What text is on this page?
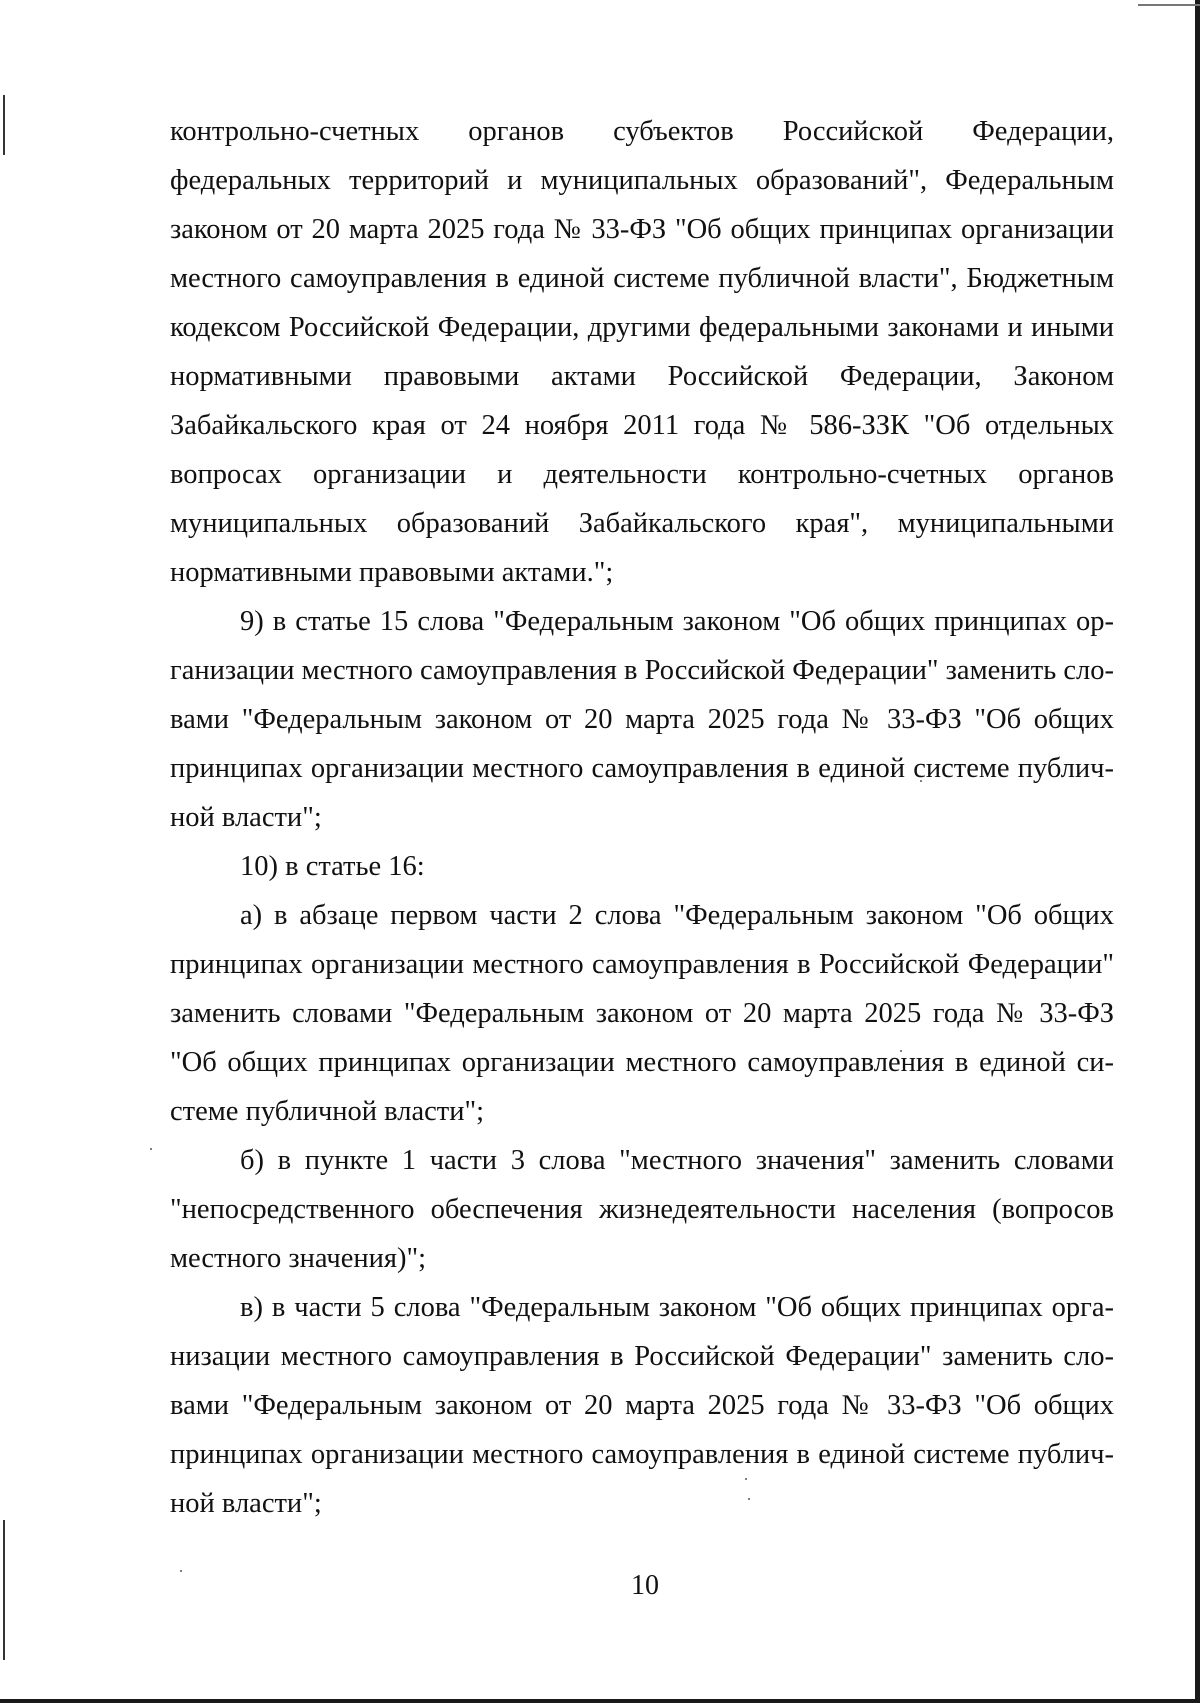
контрольно-счетных органов субъектов Российской Федерации, федеральных территорий и муниципальных образований", Федеральным законом от 20 марта 2025 года № 33-ФЗ "Об общих принципах организации местного самоуправления в единой системе публичной власти", Бюджетным кодексом Российской Федерации, другими федеральными законами и иными нормативными правовыми актами Российской Федерации, Законом Забайкальского края от 24 ноября 2011 года № 586-ЗЗК "Об отдельных вопросах организации и деятельности контрольно-счетных органов муниципальных образований Забайкальского края", муниципальными нормативными правовыми актами.";

9) в статье 15 слова "Федеральным законом "Об общих принципах организации местного самоуправления в Российской Федерации" заменить словами "Федеральным законом от 20 марта 2025 года № 33-ФЗ "Об общих принципах организации местного самоуправления в единой системе публичной власти";

10) в статье 16:

а) в абзаце первом части 2 слова "Федеральным законом "Об общих принципах организации местного самоуправления в Российской Федерации" заменить словами "Федеральным законом от 20 марта 2025 года № 33-ФЗ "Об общих принципах организации местного самоуправления в единой системе публичной власти";

б) в пункте 1 части 3 слова "местного значения" заменить словами "непосредственного обеспечения жизнедеятельности населения (вопросов местного значения)";

в) в части 5 слова "Федеральным законом "Об общих принципах организации местного самоуправления в Российской Федерации" заменить словами "Федеральным законом от 20 марта 2025 года № 33-ФЗ "Об общих принципах организации местного самоуправления в единой системе публичной власти";

10
